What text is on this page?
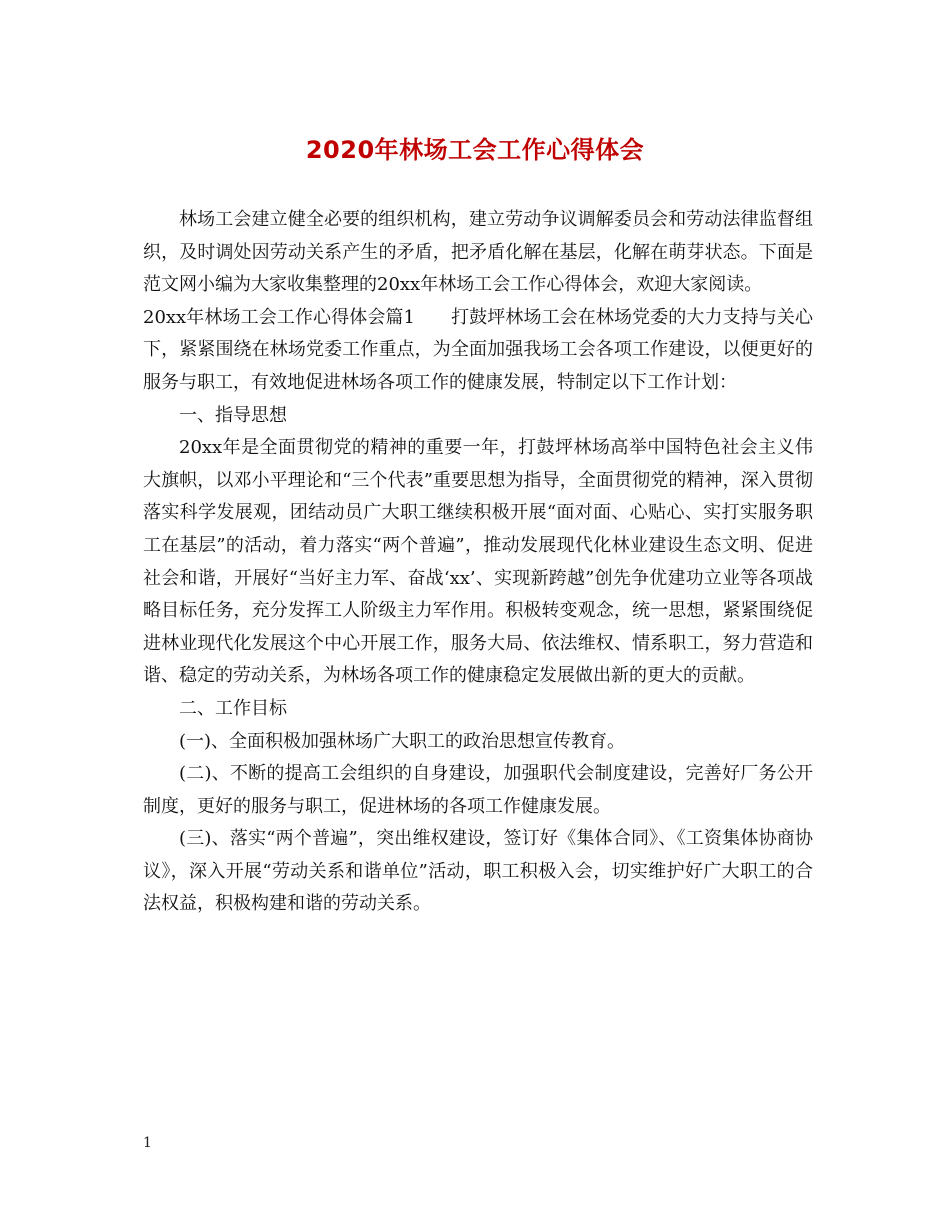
2020年林场工会工作心得体会

林场工会建立健全必要的组织机构，建立劳动争议调解委员会和劳动法律监督组织，及时调处因劳动关系产生的矛盾，把矛盾化解在基层，化解在萌芽状态。下面是范文网小编为大家收集整理的20xx年林场工会工作心得体会，欢迎大家阅读。

20xx年林场工会工作心得体会篇1 打鼓坪林场工会在林场党委的大力支持与关心下，紧紧围绕在林场党委工作重点，为全面加强我场工会各项工作建设，以便更好的服务与职工，有效地促进林场各项工作的健康发展，特制定以下工作计划：

一、指导思想

20xx年是全面贯彻党的精神的重要一年，打鼓坪林场高举中国特色社会主义伟大旗帜，以邓小平理论和“三个代表”重要思想为指导，全面贯彻党的精神，深入贯彻落实科学发展观，团结动员广大职工继续积极开展“面对面、心贴心、实打实服务职工在基层”的活动，着力落实“两个普遍”，推动发展现代化林业建设生态文明、促进社会和谐，开展好“当好主力军、奋战‘xx’、实现新跨越”创先争优建功立业等各项战略目标任务，充分发挥工人阶级主力军作用。积极转变观念，统一思想，紧紧围绕促进林业现代化发展这个中心开展工作，服务大局、依法维权、情系职工，努力营造和谐、稳定的劳动关系，为林场各项工作的健康稳定发展做出新的更大的贡献。

二、工作目标

(一)、全面积极加强林场广大职工的政治思想宣传教育。

(二)、不断的提高工会组织的自身建设，加强职代会制度建设，完善好厂务公开制度，更好的服务与职工，促进林场的各项工作健康发展。

(三)、落实“两个普遍”，突出维权建设，签订好《集体合同》、《工资集体协商协议》，深入开展“劳动关系和谐单位”活动，职工积极入会，切实维护好广大职工的合法权益，积极构建和谐的劳动关系。

1
